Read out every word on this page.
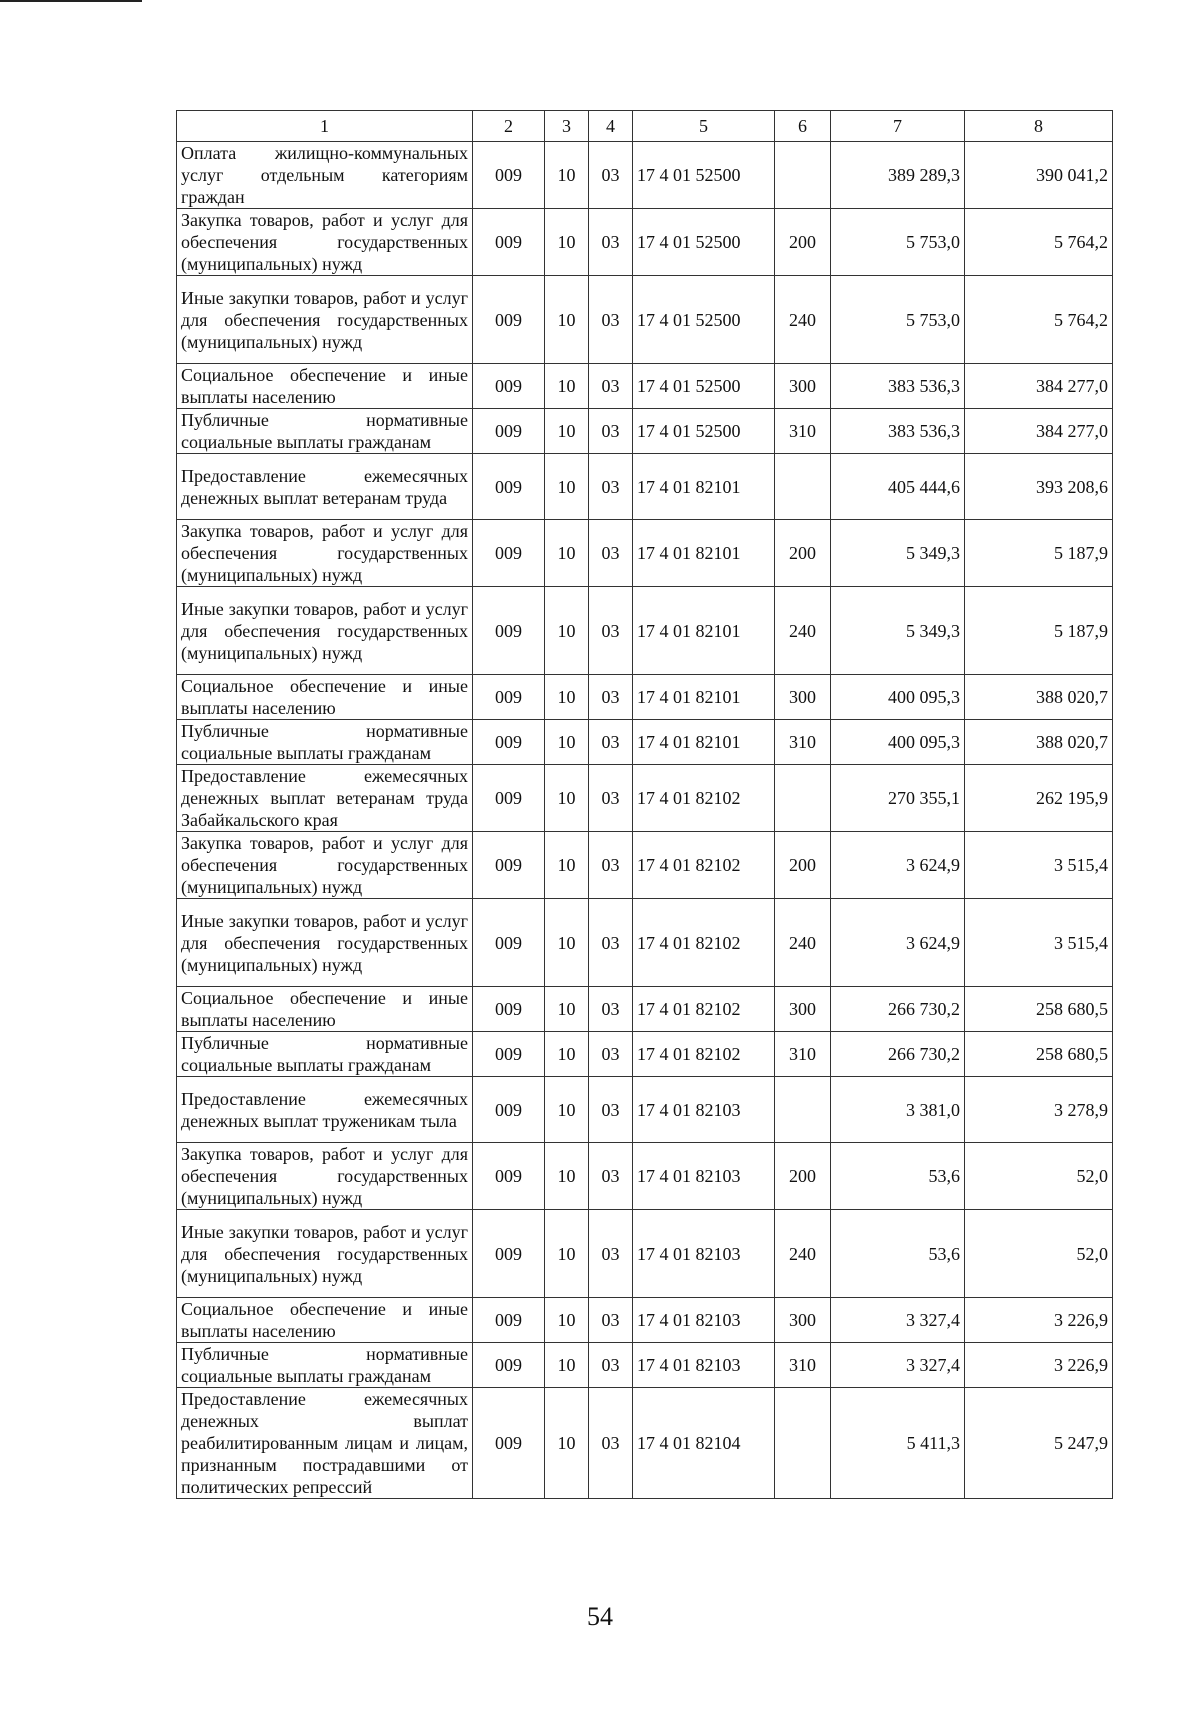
1	2	3	4	5	6	7	8
Оплата жилищно-коммунальных услуг отдельным категориям граждан	009	10	03	17 4 01 52500		389 289,3	390 041,2
Закупка товаров, работ и услуг для обеспечения государственных (муниципальных) нужд	009	10	03	17 4 01 52500	200	5 753,0	5 764,2
Иные закупки товаров, работ и услуг для обеспечения государственных (муниципальных) нужд	009	10	03	17 4 01 52500	240	5 753,0	5 764,2
Социальное обеспечение и иные выплаты населению	009	10	03	17 4 01 52500	300	383 536,3	384 277,0
Публичные нормативные социальные выплаты гражданам	009	10	03	17 4 01 52500	310	383 536,3	384 277,0
Предоставление ежемесячных денежных выплат ветеранам труда	009	10	03	17 4 01 82101		405 444,6	393 208,6
Закупка товаров, работ и услуг для обеспечения государственных (муниципальных) нужд	009	10	03	17 4 01 82101	200	5 349,3	5 187,9
Иные закупки товаров, работ и услуг для обеспечения государственных (муниципальных) нужд	009	10	03	17 4 01 82101	240	5 349,3	5 187,9
Социальное обеспечение и иные выплаты населению	009	10	03	17 4 01 82101	300	400 095,3	388 020,7
Публичные нормативные социальные выплаты гражданам	009	10	03	17 4 01 82101	310	400 095,3	388 020,7
Предоставление ежемесячных денежных выплат ветеранам труда Забайкальского края	009	10	03	17 4 01 82102		270 355,1	262 195,9
Закупка товаров, работ и услуг для обеспечения государственных (муниципальных) нужд	009	10	03	17 4 01 82102	200	3 624,9	3 515,4
Иные закупки товаров, работ и услуг для обеспечения государственных (муниципальных) нужд	009	10	03	17 4 01 82102	240	3 624,9	3 515,4
Социальное обеспечение и иные выплаты населению	009	10	03	17 4 01 82102	300	266 730,2	258 680,5
Публичные нормативные социальные выплаты гражданам	009	10	03	17 4 01 82102	310	266 730,2	258 680,5
Предоставление ежемесячных денежных выплат труженикам тыла	009	10	03	17 4 01 82103		3 381,0	3 278,9
Закупка товаров, работ и услуг для обеспечения государственных (муниципальных) нужд	009	10	03	17 4 01 82103	200	53,6	52,0
Иные закупки товаров, работ и услуг для обеспечения государственных (муниципальных) нужд	009	10	03	17 4 01 82103	240	53,6	52,0
Социальное обеспечение и иные выплаты населению	009	10	03	17 4 01 82103	300	3 327,4	3 226,9
Публичные нормативные социальные выплаты гражданам	009	10	03	17 4 01 82103	310	3 327,4	3 226,9
Предоставление ежемесячных денежных выплат реабилитированным лицам и лицам, признанным пострадавшими от политических репрессий	009	10	03	17 4 01 82104		5 411,3	5 247,9
54
